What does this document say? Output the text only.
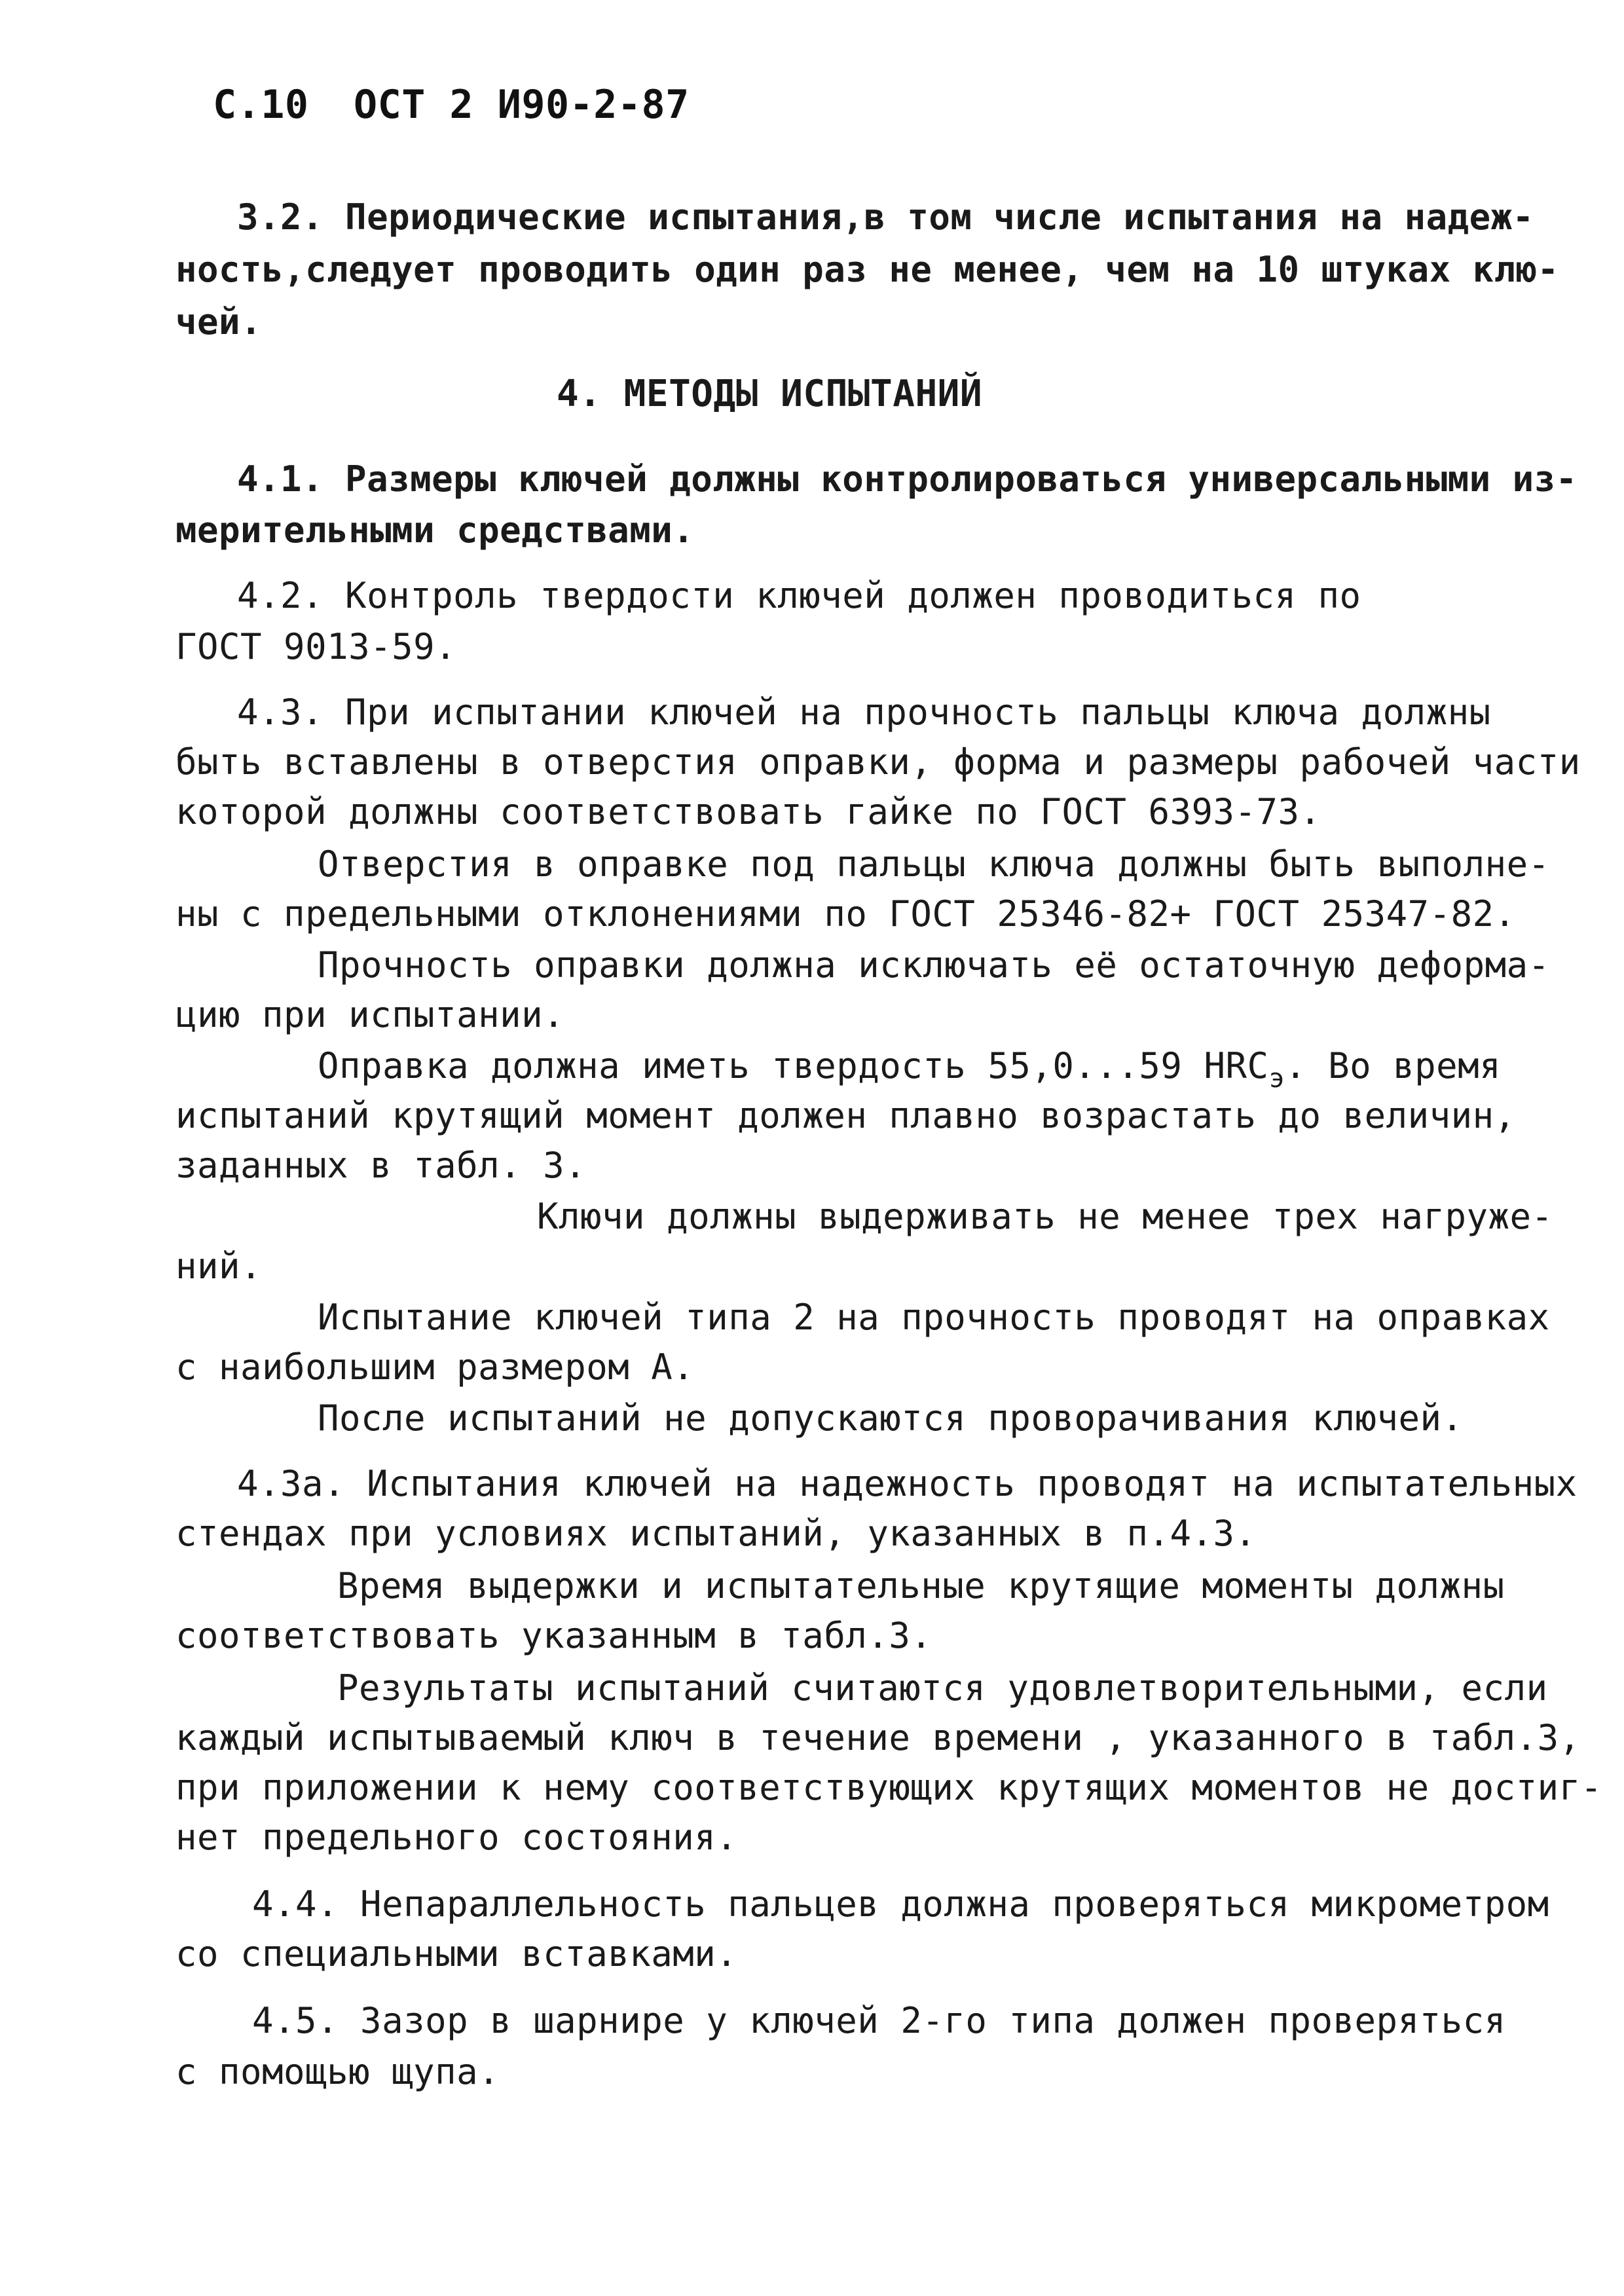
С.10 ОСТ 2 И90-2-87
3.2. Периодические испытания,в том числе испытания на надеж-
ность,следует проводить один раз не менее, чем на 10 штуках клю-
чей.
4. МЕТОДЫ ИСПЫТАНИЙ
4.1. Размеры ключей должны контролироваться универсальными из-
мерительными средствами.
4.2. Контроль твердости ключей должен проводиться по
ГОСТ 9013-59.
4.3. При испытании ключей на прочность пальцы ключа должны
быть вставлены в отверстия оправки, форма и размеры рабочей части
которой должны соответствовать гайке по ГОСТ 6393-73.
Отверстия в оправке под пальцы ключа должны быть выполне-
ны с предельными отклонениями по ГОСТ 25346-82+ ГОСТ 25347-82.
Прочность оправки должна исключать её остаточную деформа-
цию при испытании.
Оправка должна иметь твердость 55,0...59 $HRC_э$. Во время
испытаний крутящий момент должен плавно возрастать до величин,
заданных в табл. 3.
Ключи должны выдерживать не менее трех нагруже-
ний.
Испытание ключей типа 2 на прочность проводят на оправках
с наибольшим размером А.
После испытаний не допускаются проворачивания ключей.
4.3а. Испытания ключей на надежность проводят на испытательных
стендах при условиях испытаний, указанных в п.4.3.
Время выдержки и испытательные крутящие моменты должны
соответствовать указанным в табл.3.
Результаты испытаний считаются удовлетворительными, если
каждый испытываемый ключ в течение времени , указанного в табл.3,
при приложении к нему соответствующих крутящих моментов не достиг-
нет предельного состояния.
4.4. Непараллельность пальцев должна проверяться микрометром
со специальными вставками.
4.5. Зазор в шарнире у ключей 2-го типа должен проверяться
с помощью щупа.
